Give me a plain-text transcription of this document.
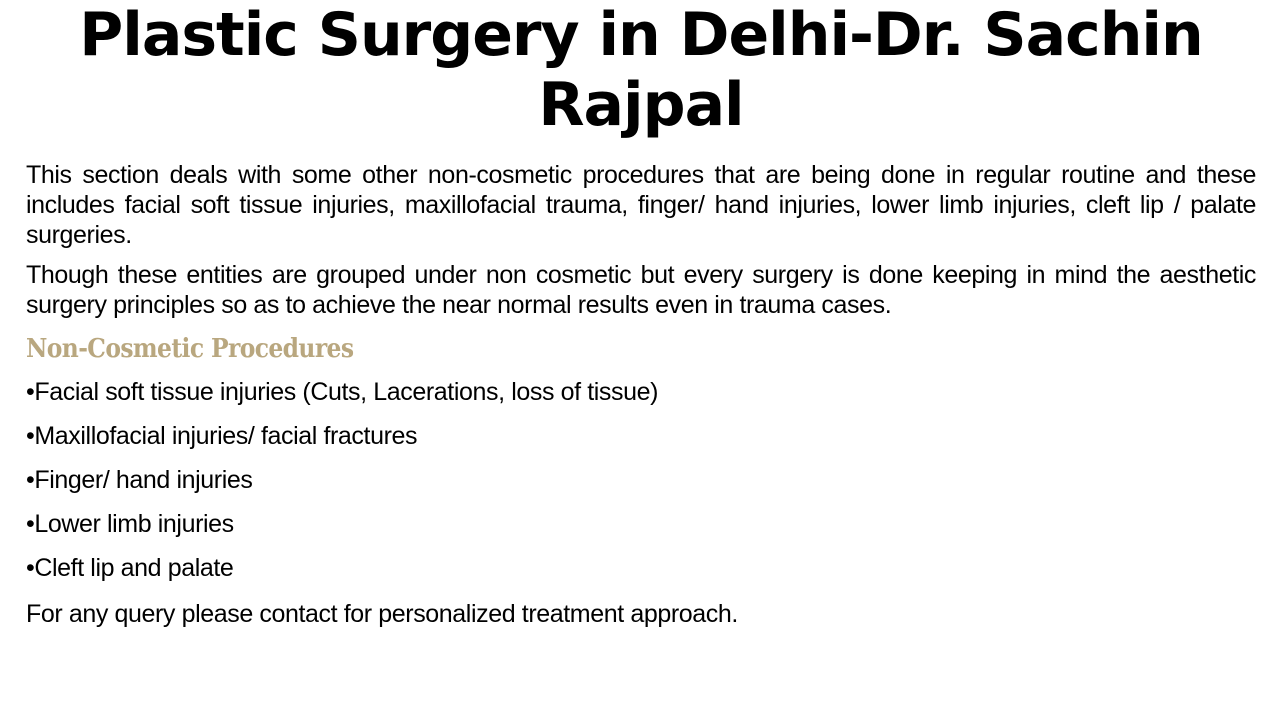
Plastic Surgery in Delhi-Dr. Sachin Rajpal

This section deals with some other non-cosmetic procedures that are being done in regular routine and these includes facial soft tissue injuries, maxillofacial trauma, finger/ hand injuries, lower limb injuries, cleft lip / palate surgeries.

Though these entities are grouped under non cosmetic but every surgery is done keeping in mind the aesthetic surgery principles so as to achieve the near normal results even in trauma cases.

Non-Cosmetic Procedures
•Facial soft tissue injuries (Cuts, Lacerations, loss of tissue)
•Maxillofacial injuries/ facial fractures
•Finger/ hand injuries
•Lower limb injuries
•Cleft lip and palate

For any query please contact for personalized treatment approach.
